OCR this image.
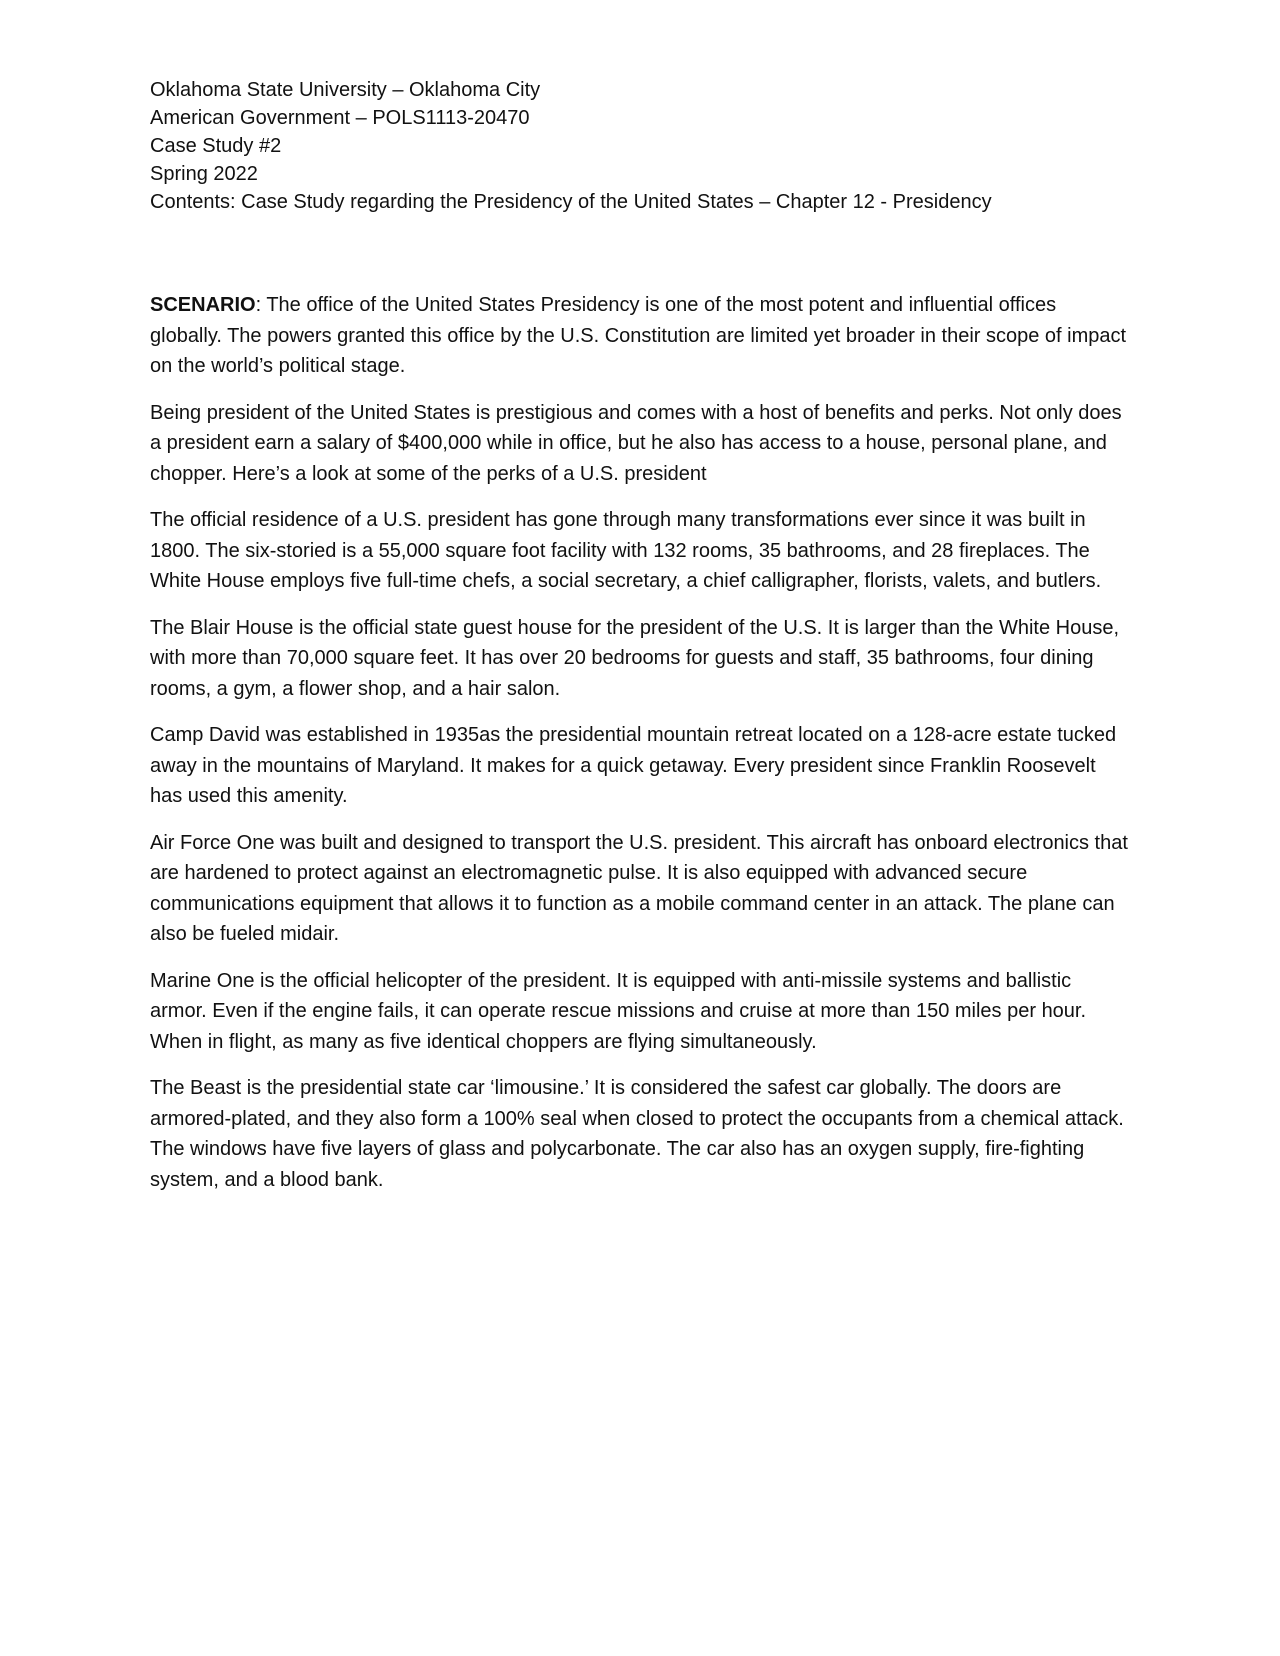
Oklahoma State University – Oklahoma City
American Government – POLS1113-20470
Case Study #2
Spring 2022
Contents: Case Study regarding the Presidency of the United States – Chapter 12 - Presidency

SCENARIO: The office of the United States Presidency is one of the most potent and influential offices globally. The powers granted this office by the U.S. Constitution are limited yet broader in their scope of impact on the world’s political stage.

Being president of the United States is prestigious and comes with a host of benefits and perks. Not only does a president earn a salary of $400,000 while in office, but he also has access to a house, personal plane, and chopper. Here’s a look at some of the perks of a U.S. president

The official residence of a U.S. president has gone through many transformations ever since it was built in 1800. The six-storied is a 55,000 square foot facility with 132 rooms, 35 bathrooms, and 28 fireplaces. The White House employs five full-time chefs, a social secretary, a chief calligrapher, florists, valets, and butlers.

The Blair House is the official state guest house for the president of the U.S. It is larger than the White House, with more than 70,000 square feet. It has over 20 bedrooms for guests and staff, 35 bathrooms, four dining rooms, a gym, a flower shop, and a hair salon.

Camp David was established in 1935as the presidential mountain retreat located on a 128-acre estate tucked away in the mountains of Maryland. It makes for a quick getaway. Every president since Franklin Roosevelt has used this amenity.

Air Force One was built and designed to transport the U.S. president. This aircraft has onboard electronics that are hardened to protect against an electromagnetic pulse. It is also equipped with advanced secure communications equipment that allows it to function as a mobile command center in an attack. The plane can also be fueled midair.

Marine One is the official helicopter of the president. It is equipped with anti-missile systems and ballistic armor. Even if the engine fails, it can operate rescue missions and cruise at more than 150 miles per hour. When in flight, as many as five identical choppers are flying simultaneously.

The Beast is the presidential state car ‘limousine.’ It is considered the safest car globally. The doors are armored-plated, and they also form a 100% seal when closed to protect the occupants from a chemical attack. The windows have five layers of glass and polycarbonate. The car also has an oxygen supply, fire-fighting system, and a blood bank.
